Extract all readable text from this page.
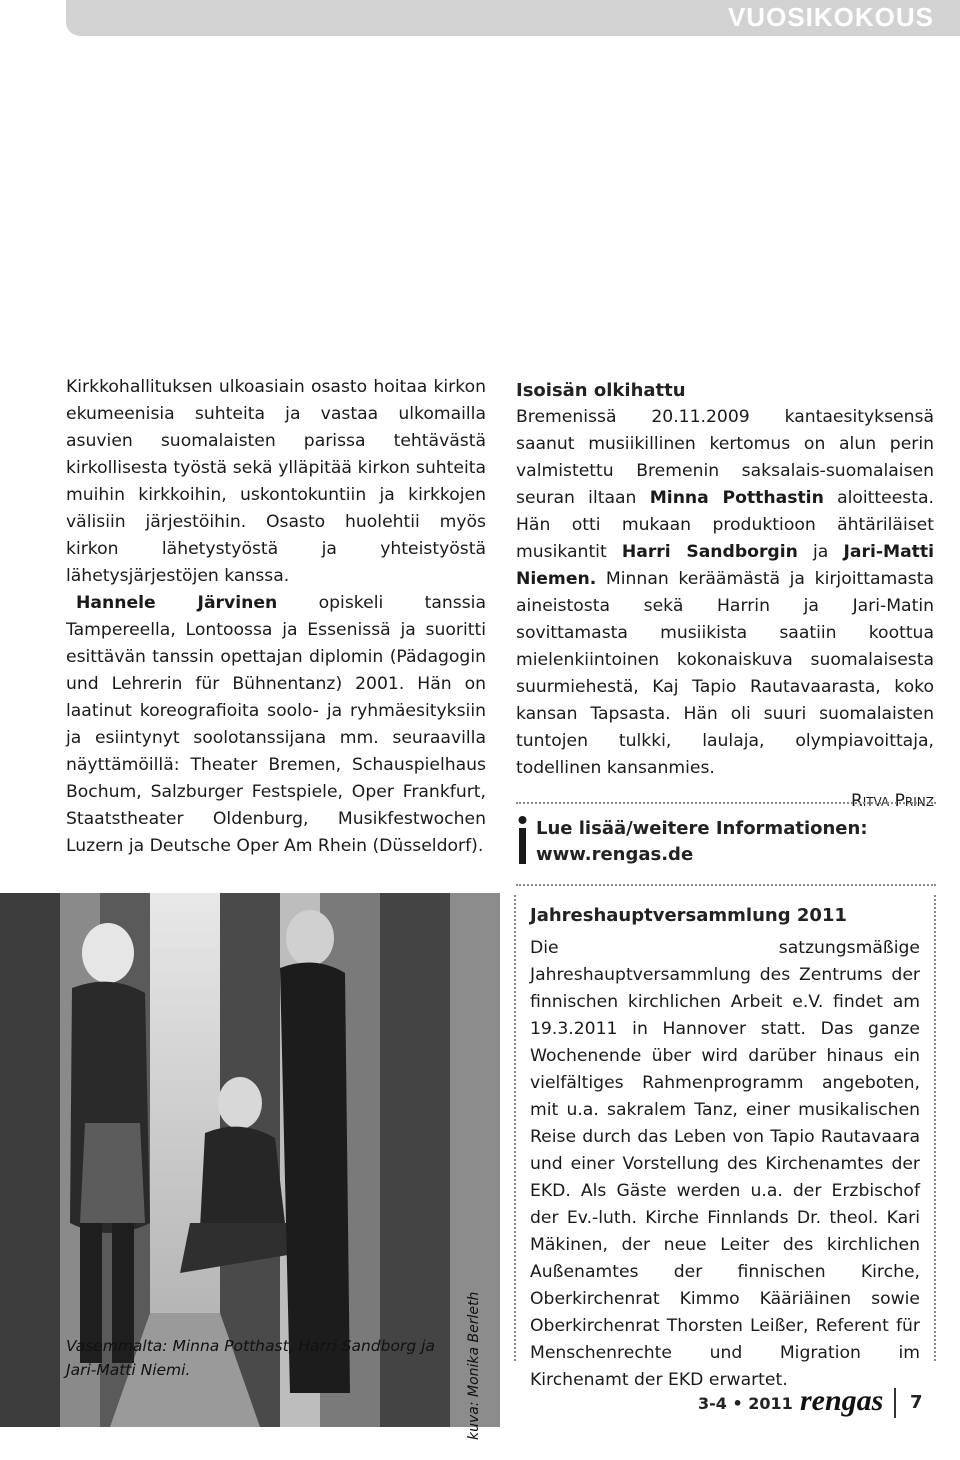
VUOSIKOKOUS

Kirkkohallituksen ulkoasiain osasto hoitaa kirkon ekumeenisia suhteita ja vastaa ulkomailla asuvien suomalaisten parissa tehtävästä kirkollisesta työstä sekä ylläpitää kirkon suhteita muihin kirkkoihin, uskontokuntiin ja kirkkojen välisiin järjestöihin. Osasto huolehtii myös kirkon lähetystyöstä ja yhteistyöstä lähetysjärjestöjen kanssa.

Hannele Järvinen opiskeli tanssia Tampereella, Lontoossa ja Essenissä ja suoritti esittävän tanssin opettajan diplomin (Pädagogin und Lehrerin für Bühnentanz) 2001. Hän on laatinut koreografioita soolo- ja ryhmäesityksiin ja esiintynyt soolotanssijana mm. seuraavilla näyttämöillä: Theater Bremen, Schauspielhaus Bochum, Salzburger Festspiele, Oper Frankfurt, Staatstheater Oldenburg, Musikfestwochen Luzern ja Deutsche Oper Am Rhein (Düsseldorf).

Isoisän olkihattu

Bremenissä 20.11.2009 kantaesityksensä saanut musiikillinen kertomus on alun perin valmistettu Bremenin saksalais-suomalaisen seuran iltaan Minna Potthastin aloitteesta. Hän otti mukaan produktioon ähtäriläiset musikantit Harri Sandborgin ja Jari-Matti Niemen. Minnan keräämästä ja kirjoittamasta aineistosta sekä Harrin ja Jari-Matin sovittamasta musiikista saatiin koottua mielenkiintoinen kokonaiskuva suomalaisesta suurmiehestä, Kaj Tapio Rautavaarasta, koko kansan Tapsasta. Hän oli suuri suomalaisten tuntojen tulkki, laulaja, olympiavoittaja, todellinen kansanmies.

Ritva Prinz
Lue lisää/weitere Informationen:
www.rengas.de
Vasemmalta: Minna Potthast, Harri Sandborg ja Jari-Matti Niemi.	kuva: Monika Berleth
Jahreshauptversammlung 2011

Die satzungsmäßige Jahreshauptversammlung des Zentrums der finnischen kirchlichen Arbeit e.V. findet am 19.3.2011 in Hannover statt. Das ganze Wochenende über wird darüber hinaus ein vielfältiges Rahmenprogramm angeboten, mit u.a. sakralem Tanz, einer musikalischen Reise durch das Leben von Tapio Rautavaara und einer Vorstellung des Kirchenamtes der EKD. Als Gäste werden u.a. der Erzbischof der Ev.-luth. Kirche Finnlands Dr. theol. Kari Mäkinen, der neue Leiter des kirchlichen Außenamtes der finnischen Kirche, Oberkirchenrat Kimmo Kääriäinen sowie Oberkirchenrat Thorsten Leißer, Referent für Menschenrechte und Migration im Kirchenamt der EKD erwartet.

3-4 • 2011 rengas 7
